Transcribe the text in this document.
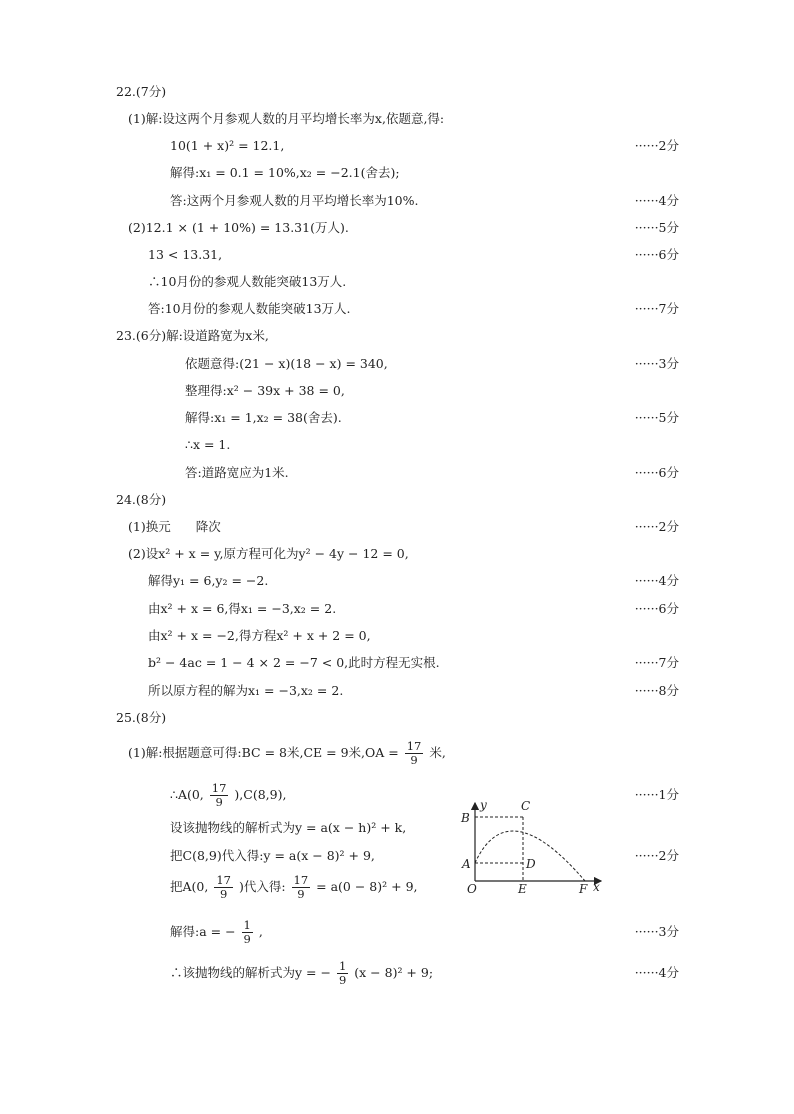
22.(7分)
(1)解:设这两个月参观人数的月平均增长率为x,依题意,得:
10(1 + x)² = 12.1,	······2分
解得:x₁ = 0.1 = 10%,x₂ = −2.1(舍去);
答:这两个月参观人数的月平均增长率为10%.	······4分
(2)12.1 × (1 + 10%) = 13.31(万人).	······5分
13 < 13.31,	······6分
∴10月份的参观人数能突破13万人.
答:10月份的参观人数能突破13万人.	······7分
23.(6分)解:设道路宽为x米,
依题意得:(21 − x)(18 − x) = 340,	······3分
整理得:x² − 39x + 38 = 0,
解得:x₁ = 1,x₂ = 38(舍去).	······5分
∴x = 1.
答:道路宽应为1米.	······6分
24.(8分)
(1)换元　　降次	······2分
(2)设x² + x = y,原方程可化为y² − 4y − 12 = 0,
解得y₁ = 6,y₂ = −2.	······4分
由x² + x = 6,得x₁ = −3,x₂ = 2.	······6分
由x² + x = −2,得方程x² + x + 2 = 0,
b² − 4ac = 1 − 4 × 2 = −7 < 0,此时方程无实根.	······7分
所以原方程的解为x₁ = −3,x₂ = 2.	······8分
25.(8分)
(1)解:根据题意可得:BC = 8米,CE = 9米$,OA = \frac{17}{9}$ 米,
∴A(0, $\frac{17}{9} ),C(8,9)$,	······1分
设该抛物线的解析式为y = a(x − h)² + k,
把C(8,9)代入得:y = a(x − 8)² + 9,	······2分
把A(0, $\frac{17}{9}$ )代入得: $\frac{17}{9} = a(0 - 8)^2 + 9$,
解得:a = − $\frac{1}{9}$ ,	······3分
∴该抛物线的解析式为y = − $\frac{1}{9} (x - 8)^2 + 9$;	······4分
y
x
B
C
A	D
O	E	F
